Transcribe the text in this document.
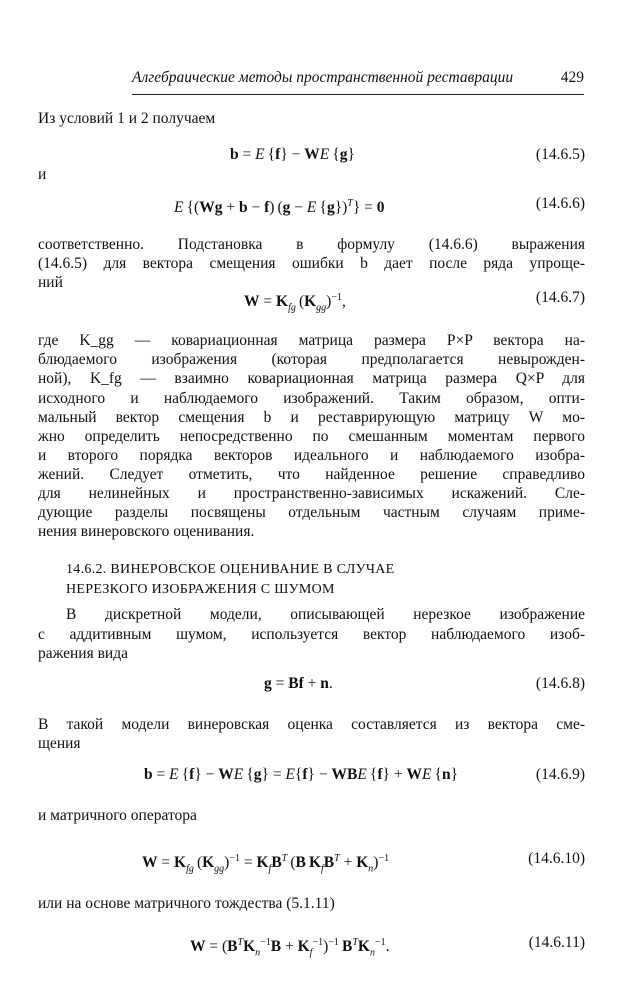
Алгебраические методы пространственной реставрации	429
Из условий 1 и 2 получаем
b = E {f} − WE {g}	(14.6.5)
и
E {(Wg + b − f) (g − E {g})$^T$} = 0	(14.6.6)
соответственно. Подстановка в формулу (14.6.6) выражения
(14.6.5) для вектора смещения ошибки b дает после ряда упроще-
ний
$W = K_{fg}$ $(K_{gg})^{-1}$,	(14.6.7)
где K_gg — ковариационная матрица размера P×P вектора на-
блюдаемого изображения (которая предполагается невырожден-
ной), K_fg — взаимно ковариационная матрица размера Q×P для
исходного и наблюдаемого изображений. Таким образом, опти-
мальный вектор смещения b и реставрирующую матрицу W мо-
жно определить непосредственно по смешанным моментам первого
и второго порядка векторов идеального и наблюдаемого изобра-
жений. Следует отметить, что найденное решение справедливо
для нелинейных и пространственно-зависимых искажений. Сле-
дующие разделы посвящены отдельным частным случаям приме-
нения винеровского оценивания.
14.6.2. ВИНЕРОВСКОЕ ОЦЕНИВАНИЕ В СЛУЧАЕ
НЕРЕЗКОГО ИЗОБРАЖЕНИЯ С ШУМОМ
В дискретной модели, описывающей нерезкое изображение
с аддитивным шумом, используется вектор наблюдаемого изоб-
ражения вида
g = Bf + n.	(14.6.8)
В такой модели винеровская оценка составляется из вектора сме-
щения
b = E {f} − WE {g} = E{f} − WBE {f} + WE {n}	(14.6.9)
и матричного оператора
$W = K_{fg}$ $(K_{gg})^{-1} = K_fB^T$ (B  $K_fB^T + K_n)^{-1}$	(14.6.10)
или на основе матричного тождества (5.1.11)
$W = (B^TK_n^{-1}B + K_f^{-1})^{-1}$  $B^TK_n^{-1}$.	(14.6.11)
